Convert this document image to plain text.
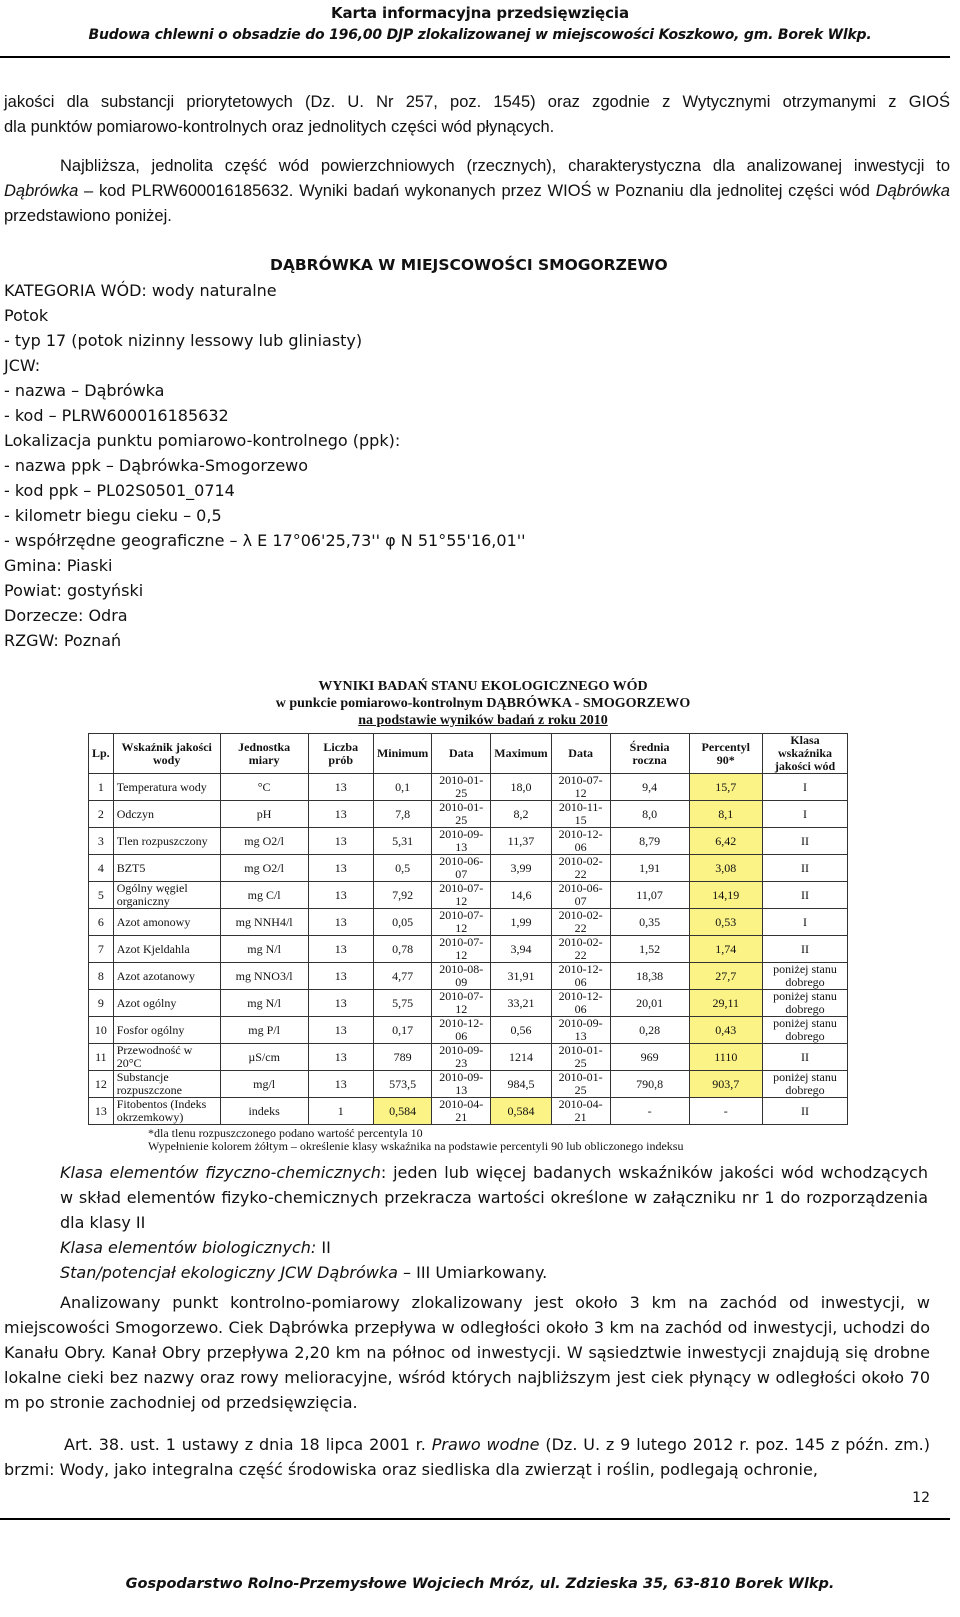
Karta informacyjna przedsięwzięcia
Budowa chlewni o obsadzie do 196,00 DJP zlokalizowanej w miejscowości Koszkowo, gm. Borek Wlkp.
jakości dla substancji priorytetowych (Dz. U. Nr 257, poz. 1545) oraz zgodnie z Wytycznymi otrzymanymi z GIOŚ
dla punktów pomiarowo-kontrolnych oraz jednolitych części wód płynących.
Najbliższa, jednolita część wód powierzchniowych (rzecznych), charakterystyczna dla analizowanej inwestycji to Dąbrówka – kod PLRW600016185632. Wyniki badań wykonanych przez WIOŚ w Poznaniu dla jednolitej części wód Dąbrówka przedstawiono poniżej.
DĄBRÓWKA W MIEJSCOWOŚCI SMOGORZEWO
KATEGORIA WÓD: wody naturalne
Potok
- typ 17 (potok nizinny lessowy lub gliniasty)
JCW:
- nazwa – Dąbrówka
- kod – PLRW600016185632
Lokalizacja punktu pomiarowo-kontrolnego (ppk):
- nazwa ppk – Dąbrówka-Smogorzewo
- kod ppk – PL02S0501_0714
- kilometr biegu cieku – 0,5
- współrzędne geograficzne – λ E 17°06'25,73'' φ N 51°55'16,01''
Gmina: Piaski
Powiat: gostyński
Dorzecze: Odra
RZGW: Poznań
WYNIKI BADAŃ STANU EKOLOGICZNEGO WÓD
w punkcie pomiarowo-kontrolnym DĄBRÓWKA - SMOGORZEWO
na podstawie wyników badań z roku 2010
Lp.	Wskaźnik jakości wody	Jednostka miary	Liczba prób	Minimum	Data	Maximum	Data	Średnia roczna	Percentyl 90*	Klasa wskaźnika jakości wód
1	Temperatura wody	°C	13	0,1	2010-01-25	18,0	2010-07-12	9,4	15,7	I
2	Odczyn	pH	13	7,8	2010-01-25	8,2	2010-11-15	8,0	8,1	I
3	Tlen rozpuszczony	mg O2/l	13	5,31	2010-09-13	11,37	2010-12-06	8,79	6,42	II
4	BZT5	mg O2/l	13	0,5	2010-06-07	3,99	2010-02-22	1,91	3,08	II
5	Ogólny węgiel organiczny	mg C/l	13	7,92	2010-07-12	14,6	2010-06-07	11,07	14,19	II
6	Azot amonowy	mg NNH4/l	13	0,05	2010-07-12	1,99	2010-02-22	0,35	0,53	I
7	Azot Kjeldahla	mg N/l	13	0,78	2010-07-12	3,94	2010-02-22	1,52	1,74	II
8	Azot azotanowy	mg NNO3/l	13	4,77	2010-08-09	31,91	2010-12-06	18,38	27,7	poniżej stanu dobrego
9	Azot ogólny	mg N/l	13	5,75	2010-07-12	33,21	2010-12-06	20,01	29,11	poniżej stanu dobrego
10	Fosfor ogólny	mg P/l	13	0,17	2010-12-06	0,56	2010-09-13	0,28	0,43	poniżej stanu dobrego
11	Przewodność w 20°C	µS/cm	13	789	2010-09-23	1214	2010-01-25	969	1110	II
12	Substancje rozpuszczone	mg/l	13	573,5	2010-09-13	984,5	2010-01-25	790,8	903,7	poniżej stanu dobrego
13	Fitobentos (Indeks okrzemkowy)	indeks	1	0,584	2010-04-21	0,584	2010-04-21	-	-	II
*dla tlenu rozpuszczonego podano wartość percentyla 10
Wypełnienie kolorem żółtym – określenie klasy wskaźnika na podstawie percentyli 90 lub obliczonego indeksu
Klasa elementów fizyczno-chemicznych: jeden lub więcej badanych wskaźników jakości wód wchodzących w skład elementów fizyko-chemicznych przekracza wartości określone w załączniku nr 1 do rozporządzenia dla klasy II
Klasa elementów biologicznych: II
Stan/potencjał ekologiczny JCW Dąbrówka – III Umiarkowany.
Analizowany punkt kontrolno-pomiarowy zlokalizowany jest około 3 km na zachód od inwestycji, w miejscowości Smogorzewo. Ciek Dąbrówka przepływa w odległości około 3 km na zachód od inwestycji, uchodzi do Kanału Obry. Kanał Obry przepływa 2,20 km na północ od inwestycji. W sąsiedztwie inwestycji znajdują się drobne lokalne cieki bez nazwy oraz rowy melioracyjne, wśród których najbliższym jest ciek płynący w odległości około 70 m po stronie zachodniej od przedsięwzięcia.
Art. 38. ust. 1 ustawy z dnia 18 lipca 2001 r. Prawo wodne (Dz. U. z 9 lutego 2012 r. poz. 145 z późn. zm.) brzmi: Wody, jako integralna część środowiska oraz siedliska dla zwierząt i roślin, podlegają ochronie,
12
Gospodarstwo Rolno-Przemysłowe Wojciech Mróz, ul. Zdzieska 35, 63-810 Borek Wlkp.
